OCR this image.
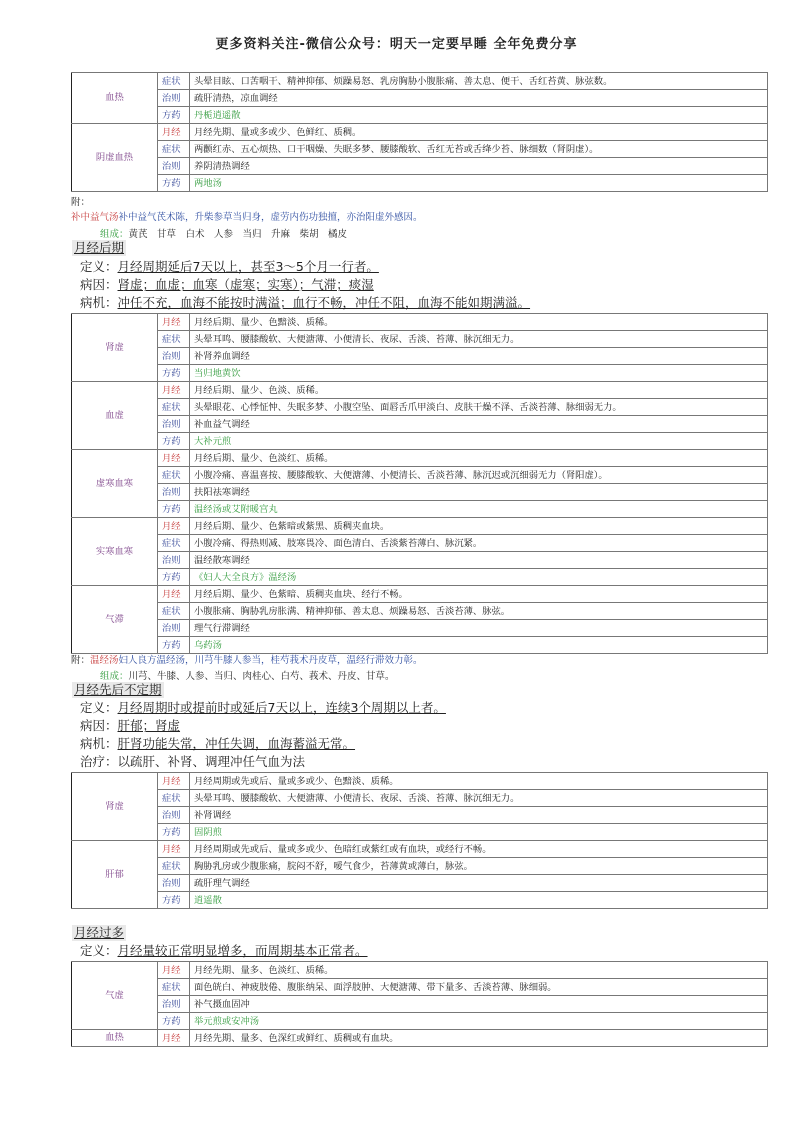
更多资料关注-微信公众号：明天一定要早睡 全年免费分享
血热	症状	头晕目眩、口苦咽干、精神抑郁、烦躁易怒、乳房胸胁小腹胀痛、善太息、便干、舌红苔黄、脉弦数。
	治则	疏肝清热，凉血调经
	方药	丹栀逍遥散
阴虚血热	月经	月经先期、量或多或少、色鲜红、质稠。
	症状	两颧红赤、五心烦热、口干咽燥、失眠多梦、腰膝酸软、舌红无苔或舌绛少苔、脉细数（肾阴虚）。
	治则	养阴清热调经
	方药	两地汤
附：
补中益气汤补中益气芪术陈，升柴参草当归身，虚劳内伤功独擅，亦治阳虚外感因。
组成：黄芪　甘草　白术　人参　当归　升麻　柴胡　橘皮
月经后期
定义：月经周期延后7天以上，甚至3～5个月一行者。
病因：肾虚；血虚；血寒（虚寒；实寒）；气滞；痰湿
病机：冲任不充，血海不能按时满溢；血行不畅，冲任不阻，血海不能如期满溢。
肾虚	月经	月经后期、量少、色黯淡、质稀。
	症状	头晕耳鸣、腰膝酸软、大便溏薄、小便清长、夜尿、舌淡、苔薄、脉沉细无力。
	治则	补肾养血调经
	方药	当归地黄饮
血虚	月经	月经后期、量少、色淡、质稀。
	症状	头晕眼花、心悸怔忡、失眠多梦、小腹空坠、面唇舌爪甲淡白、皮肤干燥不泽、舌淡苔薄、脉细弱无力。
	治则	补血益气调经
	方药	大补元煎
虚寒血寒	月经	月经后期、量少、色淡红、质稀。
	症状	小腹冷痛、喜温喜按、腰膝酸软、大便溏薄、小便清长、舌淡苔薄、脉沉迟或沉细弱无力（肾阳虚）。
	治则	扶阳祛寒调经
	方药	温经汤或艾附暖宫丸
实寒血寒	月经	月经后期、量少、色紫暗或紫黑、质稠夹血块。
	症状	小腹冷痛、得热则减、肢寒畏冷、面色清白、舌淡紫苔薄白、脉沉紧。
	治则	温经散寒调经
	方药	《妇人大全良方》温经汤
气滞	月经	月经后期、量少、色紫暗、质稠夹血块、经行不畅。
	症状	小腹胀痛、胸胁乳房胀满、精神抑郁、善太息、烦躁易怒、舌淡苔薄、脉弦。
	治则	理气行滞调经
	方药	乌药汤
附：温经汤妇人良方温经汤，川芎牛膝人参当，桂芍莪术丹皮草，温经行滞效力彰。
组成：川芎、牛膝、人参、当归、肉桂心、白芍、莪术、丹皮、甘草。
月经先后不定期
定义：月经周期时或提前时或延后7天以上，连续3个周期以上者。
病因：肝郁；肾虚
病机：肝肾功能失常，冲任失调，血海蓄溢无常。
治疗：以疏肝、补肾、调理冲任气血为法
肾虚	月经	月经周期或先或后、量或多或少、色黯淡、质稀。
	症状	头晕耳鸣、腰膝酸软、大便溏薄、小便清长、夜尿、舌淡、苔薄、脉沉细无力。
	治则	补肾调经
	方药	固阴煎
肝郁	月经	月经周期或先或后、量或多或少、色暗红或紫红或有血块，或经行不畅。
	症状	胸胁乳房或少腹胀痛，脘闷不舒，嗳气食少，苔薄黄或薄白，脉弦。
	治则	疏肝理气调经
	方药	逍遥散
月经过多
定义：月经量较正常明显增多，而周期基本正常者。
气虚	月经	月经先期、量多、色淡红、质稀。
	症状	面色㿠白、神疲肢倦、腹胀纳呆、面浮肢肿、大便溏薄、带下量多、舌淡苔薄、脉细弱。
	治则	补气摄血固冲
	方药	举元煎或安冲汤
血热	月经	月经先期、量多、色深红或鲜红、质稠或有血块。
